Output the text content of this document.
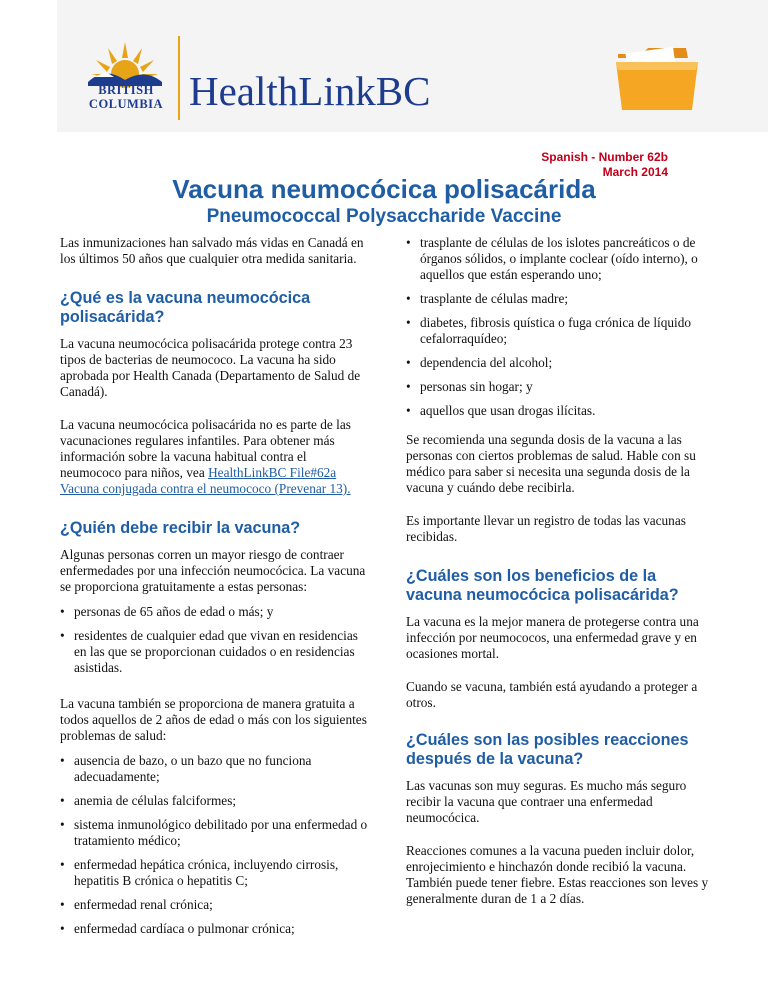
BRITISH
COLUMBIA HealthLinkBC
Spanish - Number 62b
March 2014
Vacuna neumocócica polisacárida
Pneumococcal Polysaccharide Vaccine

Las inmunizaciones han salvado más vidas en Canadá en los últimos 50 años que cualquier otra medida sanitaria.

¿Qué es la vacuna neumocócica polisacárida?

La vacuna neumocócica polisacárida protege contra 23 tipos de bacterias de neumococo. La vacuna ha sido aprobada por Health Canada (Departamento de Salud de Canadá).

La vacuna neumocócica polisacárida no es parte de las vacunaciones regulares infantiles. Para obtener más información sobre la vacuna habitual contra el neumococo para niños, vea HealthLinkBC File#62a Vacuna conjugada contra el neumococo (Prevenar 13).

¿Quién debe recibir la vacuna?

Algunas personas corren un mayor riesgo de contraer enfermedades por una infección neumocócica. La vacuna se proporciona gratuitamente a estas personas:

• personas de 65 años de edad o más; y
• residentes de cualquier edad que vivan en residencias en las que se proporcionan cuidados o en residencias asistidas.

La vacuna también se proporciona de manera gratuita a todos aquellos de 2 años de edad o más con los siguientes problemas de salud:

• ausencia de bazo, o un bazo que no funciona adecuadamente;
• anemia de células falciformes;
• sistema inmunológico debilitado por una enfermedad o tratamiento médico;
• enfermedad hepática crónica, incluyendo cirrosis, hepatitis B crónica o hepatitis C;
• enfermedad renal crónica;
• enfermedad cardíaca o pulmonar crónica;
• trasplante de células de los islotes pancreáticos o de órganos sólidos, o implante coclear (oído interno), o aquellos que están esperando uno;
• trasplante de células madre;
• diabetes, fibrosis quística o fuga crónica de líquido cefalorraquídeo;
• dependencia del alcohol;
• personas sin hogar; y
• aquellos que usan drogas ilícitas.

Se recomienda una segunda dosis de la vacuna a las personas con ciertos problemas de salud. Hable con su médico para saber si necesita una segunda dosis de la vacuna y cuándo debe recibirla.

Es importante llevar un registro de todas las vacunas recibidas.

¿Cuáles son los beneficios de la vacuna neumocócica polisacárida?

La vacuna es la mejor manera de protegerse contra una infección por neumococos, una enfermedad grave y en ocasiones mortal.

Cuando se vacuna, también está ayudando a proteger a otros.

¿Cuáles son las posibles reacciones después de la vacuna?

Las vacunas son muy seguras. Es mucho más seguro recibir la vacuna que contraer una enfermedad neumocócica.

Reacciones comunes a la vacuna pueden incluir dolor, enrojecimiento e hinchazón donde recibió la vacuna. También puede tener fiebre. Estas reacciones son leves y generalmente duran de 1 a 2 días.
